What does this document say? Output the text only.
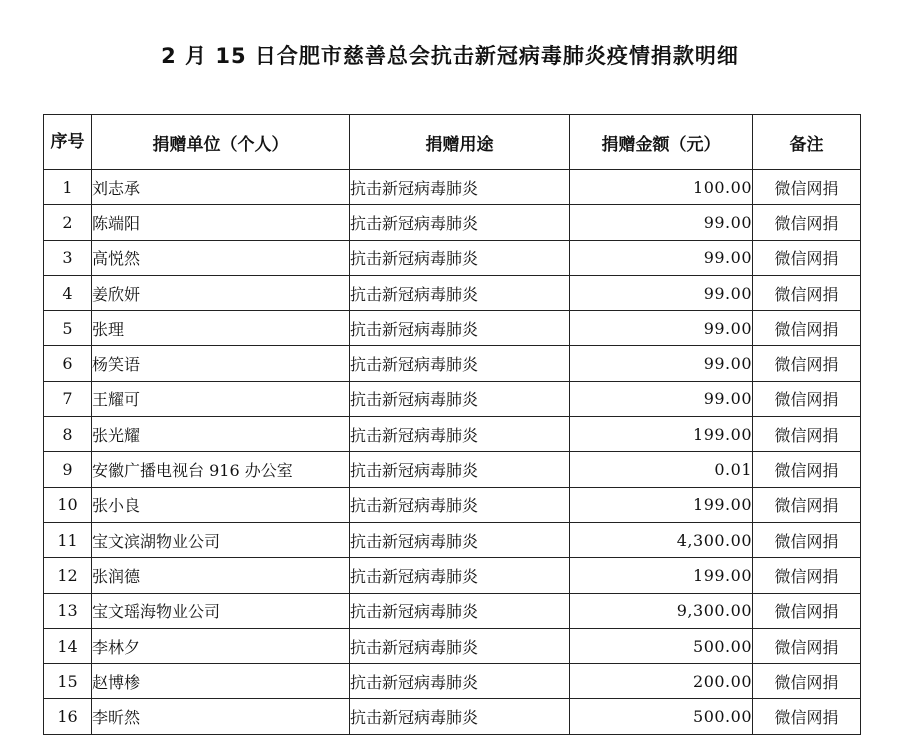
2 月 15 日合肥市慈善总会抗击新冠病毒肺炎疫情捐款明细
序号	捐赠单位（个人）	捐赠用途	捐赠金额（元）	备注
1	刘志承	抗击新冠病毒肺炎	100.00	微信网捐
2	陈端阳	抗击新冠病毒肺炎	99.00	微信网捐
3	高悦然	抗击新冠病毒肺炎	99.00	微信网捐
4	姜欣妍	抗击新冠病毒肺炎	99.00	微信网捐
5	张理	抗击新冠病毒肺炎	99.00	微信网捐
6	杨笑语	抗击新冠病毒肺炎	99.00	微信网捐
7	王耀可	抗击新冠病毒肺炎	99.00	微信网捐
8	张光耀	抗击新冠病毒肺炎	199.00	微信网捐
9	安徽广播电视台 916 办公室	抗击新冠病毒肺炎	0.01	微信网捐
10	张小良	抗击新冠病毒肺炎	199.00	微信网捐
11	宝文滨湖物业公司	抗击新冠病毒肺炎	4,300.00	微信网捐
12	张润德	抗击新冠病毒肺炎	199.00	微信网捐
13	宝文瑶海物业公司	抗击新冠病毒肺炎	9,300.00	微信网捐
14	李林夕	抗击新冠病毒肺炎	500.00	微信网捐
15	赵博椮	抗击新冠病毒肺炎	200.00	微信网捐
16	李昕然	抗击新冠病毒肺炎	500.00	微信网捐
